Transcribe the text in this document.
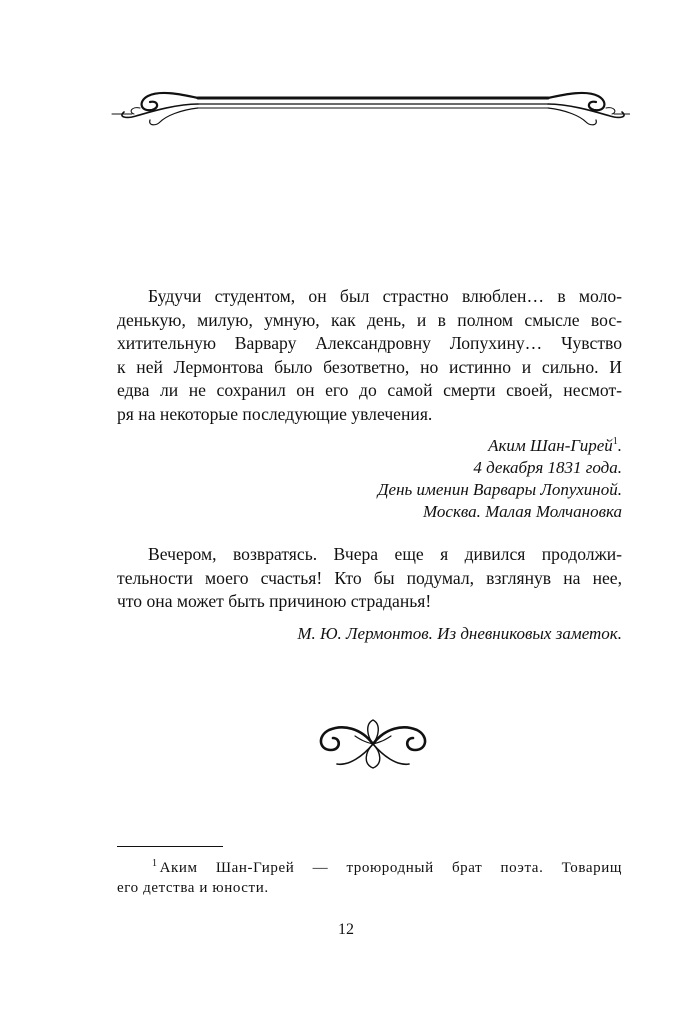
Будучи студентом, он был страстно влюблен… в моло-
денькую, милую, умную, как день, и в полном смысле вос-
хитительную Варвару Александровну Лопухину… Чувство
к ней Лермонтова было безответно, но истинно и сильно. И
едва ли не сохранил он его до самой смерти своей, несмот-
ря на некоторые последующие увлечения.

Аким Шан-Гирей$^1$.
4 декабря 1831 года.
День именин Варвары Лопухиной.
Москва. Малая Молчановка

Вечером, возвратясь. Вчера еще я дивился продолжи-
тельности моего счастья! Кто бы подумал, взглянув на нее,
что она может быть причиною страданья!

М. Ю. Лермонтов. Из дневниковых заметок.
$^1$ Аким Шан-Гирей — троюродный брат поэта. Товарищ
его детства и юности.
12
